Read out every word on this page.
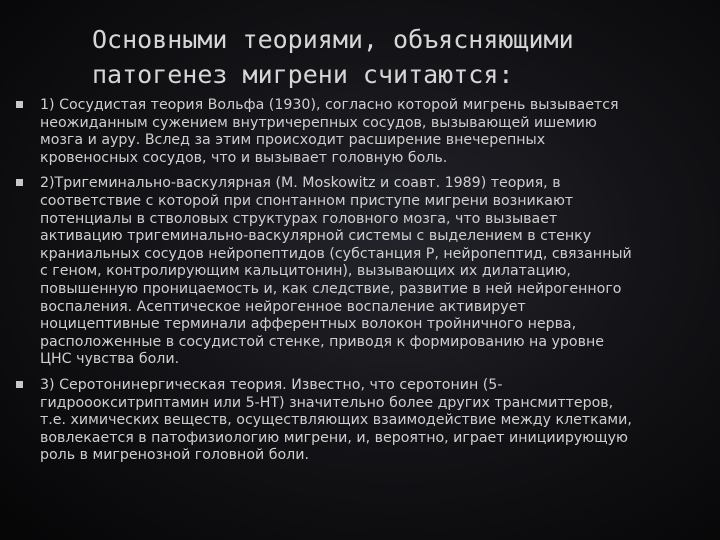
Основными теориями, объясняющими патогенез мигрени считаются:
1) Сосудистая теория Вольфа (1930), согласно которой мигрень вызывается неожиданным сужением внутричерепных сосудов, вызывающей ишемию мозга и ауру. Вслед за этим происходит расширение внечерепных кровеносных сосудов, что и вызывает головную боль.
2)Тригеминально-васкулярная (M. Moskowitz и соавт. 1989) теория, в соответствие с которой при спонтанном приступе мигрени возникают потенциалы в стволовых структурах головного мозга, что вызывает активацию тригеминально-васкулярной системы с выделением в стенку краниальных сосудов нейропептидов (субстанция Р, нейропептид, связанный с геном, контролирующим кальцитонин), вызывающих их дилатацию, повышенную проницаемость и, как следствие, развитие в ней нейрогенного воспаления. Асептическое нейрогенное воспаление активирует ноцицептивные терминали афферентных волокон тройничного нерва, расположенные в сосудистой стенке, приводя к формированию на уровне ЦНС чувства боли.
3) Серотонинергическая теория. Известно, что серотонин (5-гидрооокситриптамин или 5-НТ) значительно более других трансмиттеров, т.е. химических веществ, осуществляющих взаимодействие между клетками, вовлекается в патофизиологию мигрени, и, вероятно, играет инициирующую роль в мигренозной головной боли.
